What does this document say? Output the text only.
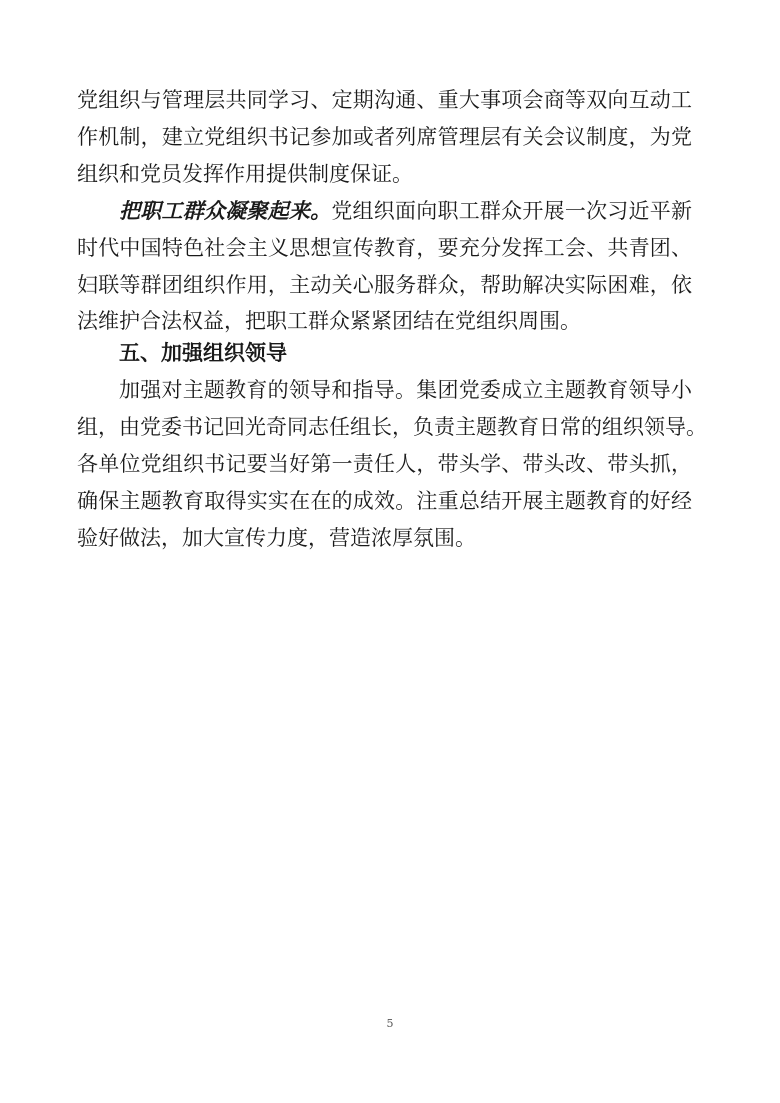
党组织与管理层共同学习、定期沟通、重大事项会商等双向互动工
作机制，建立党组织书记参加或者列席管理层有关会议制度，为党
组织和党员发挥作用提供制度保证。
把职工群众凝聚起来。党组织面向职工群众开展一次习近平新
时代中国特色社会主义思想宣传教育，要充分发挥工会、共青团、
妇联等群团组织作用，主动关心服务群众，帮助解决实际困难，依
法维护合法权益，把职工群众紧紧团结在党组织周围。
五、加强组织领导
加强对主题教育的领导和指导。集团党委成立主题教育领导小
组，由党委书记回光奇同志任组长，负责主题教育日常的组织领导。
各单位党组织书记要当好第一责任人，带头学、带头改、带头抓，
确保主题教育取得实实在在的成效。注重总结开展主题教育的好经
验好做法，加大宣传力度，营造浓厚氛围。
5
